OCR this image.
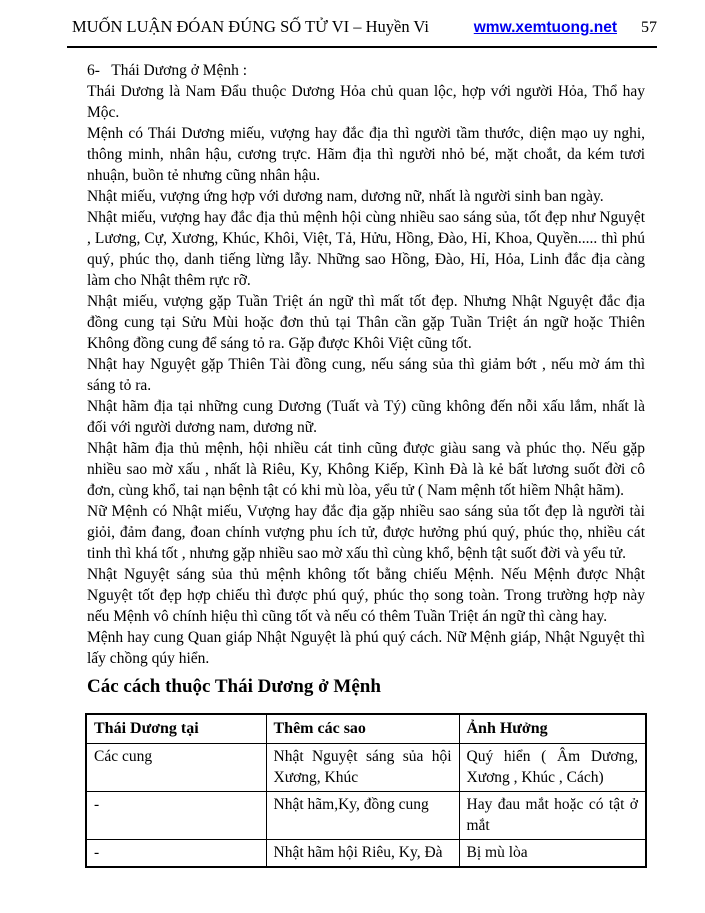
MUỐN LUẬN ĐÓAN ĐÚNG SỐ TỬ VI – Huyền Vi	wmw.xemtuong.net 57

6-   Thái Dương ở Mệnh :

Thái Dương là Nam Đẩu thuộc Dương Hỏa chủ quan lộc, hợp với người Hỏa, Thổ hay Mộc.

Mệnh có Thái Dương miếu, vượng hay đắc địa thì người tầm thước, diện mạo uy nghi, thông minh, nhân hậu, cương trực. Hãm địa thì người nhỏ bé, mặt choắt, da kém tươi nhuận, buồn tẻ nhưng cũng nhân hậu.

Nhật miếu, vượng ứng hợp với dương nam, dương nữ, nhất là người sinh ban ngày.

Nhật miếu, vượng hay đắc địa thủ mệnh hội cùng nhiều sao sáng sủa, tốt đẹp như Nguyệt , Lương, Cự, Xương, Khúc, Khôi, Việt, Tả, Hửu, Hồng, Đào, Hỉ, Khoa, Quyền..... thì phú quý, phúc thọ, danh tiếng lừng lẫy. Những sao Hồng, Đào, Hỉ, Hỏa, Linh đắc địa càng làm cho Nhật thêm rực rỡ.

Nhật miếu, vượng gặp Tuần Triệt án ngữ thì mất tốt đẹp. Nhưng Nhật Nguyệt đắc địa đồng cung tại Sửu Mùi hoặc đơn thủ tại Thân cần gặp Tuần Triệt án ngữ hoặc Thiên Không đồng cung để sáng tỏ ra. Gặp được Khôi Việt cũng tốt.

Nhật hay Nguyệt gặp Thiên Tài đồng cung, nếu sáng sủa thì giảm bớt , nếu mờ ám thì sáng tỏ ra.

Nhật hãm địa tại những cung Dương (Tuất và Tý) cũng không đến nỗi xấu lắm, nhất là đối với người dương nam, dương nữ.

Nhật hãm địa thủ mệnh, hội nhiều cát tinh cũng được giàu sang và phúc thọ. Nếu gặp nhiều sao mờ xấu , nhất là Riêu, Ky, Không Kiếp, Kình Đà là kẻ bất lương suốt đời cô đơn, cùng khổ, tai nạn bệnh tật có khi mù lòa, yểu tử ( Nam mệnh tốt hiềm Nhật hãm).

Nữ Mệnh có Nhật miếu, Vượng hay đắc địa gặp nhiều sao sáng sủa tốt đẹp là người tài giỏi, đảm đang, đoan chính vượng phu ích tử, được hưởng phú quý, phúc thọ, nhiều cát tinh thì khá tốt , nhưng gặp nhiều sao mờ xấu thì cùng khổ, bệnh tật suốt đời và yểu tử.

Nhật Nguyệt sáng sủa thủ mệnh không tốt bằng chiếu Mệnh. Nếu Mệnh được Nhật Nguyệt tốt đẹp hợp chiếu thì được phú quý, phúc thọ song toàn. Trong trường hợp này nếu Mệnh vô chính hiệu thì cũng tốt và nếu có thêm Tuần Triệt án ngữ thì càng hay.

Mệnh hay cung Quan giáp Nhật Nguyệt là phú quý cách. Nữ Mệnh giáp, Nhật Nguyệt thì lấy chồng qúy hiển.

Các cách thuộc Thái Dương ở Mệnh
Thái Dương tại	Thêm các sao	Ảnh Hưởng
Các cung	Nhật Nguyệt sáng sủa hội Xương, Khúc	Quý hiển ( Âm Dương, Xương , Khúc , Cách)
-	Nhật hãm,Ky, đồng cung	Hay đau mắt hoặc có tật ở mắt
-	Nhật hãm hội Riêu, Ky, Đà	Bị mù lòa
